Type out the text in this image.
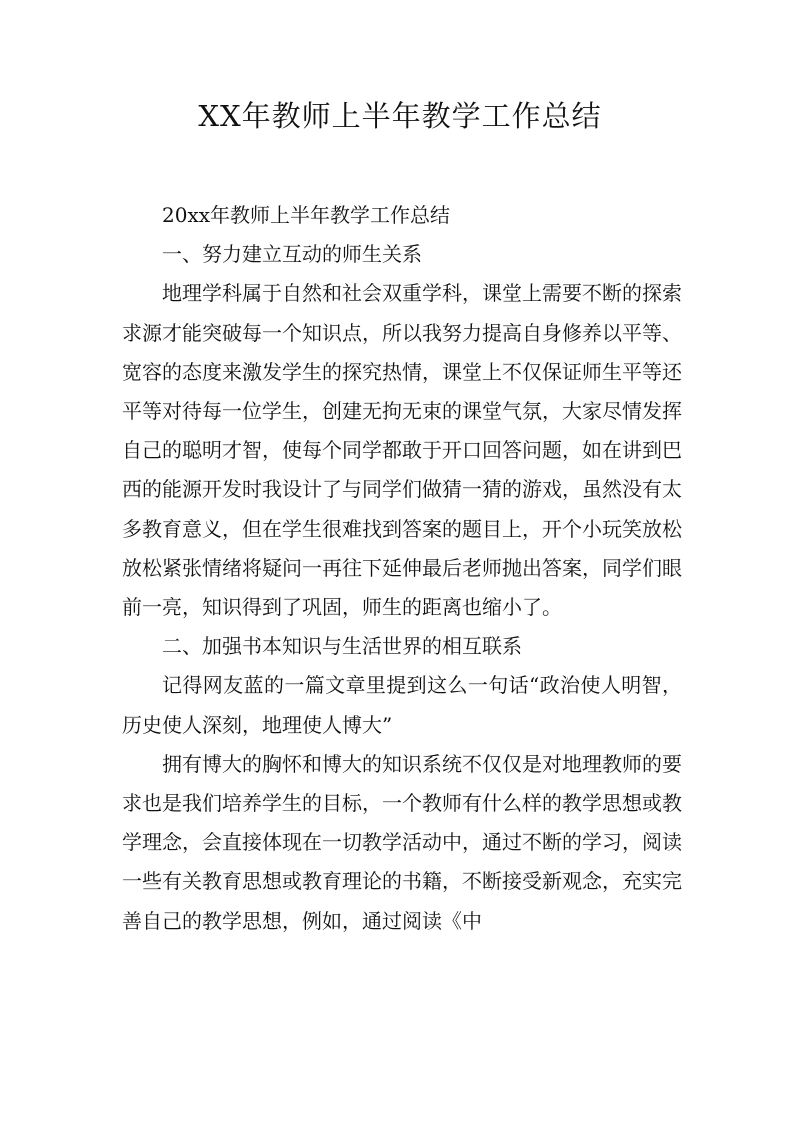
XX年教师上半年教学工作总结

20xx年教师上半年教学工作总结

一、努力建立互动的师生关系

地理学科属于自然和社会双重学科，课堂上需要不断的探索求源才能突破每一个知识点，所以我努力提高自身修养以平等、宽容的态度来激发学生的探究热情，课堂上不仅保证师生平等还平等对待每一位学生，创建无拘无束的课堂气氛，大家尽情发挥自己的聪明才智，使每个同学都敢于开口回答问题，如在讲到巴西的能源开发时我设计了与同学们做猜一猜的游戏，虽然没有太多教育意义，但在学生很难找到答案的题目上，开个小玩笑放松放松紧张情绪将疑问一再往下延伸最后老师抛出答案，同学们眼前一亮，知识得到了巩固，师生的距离也缩小了。

二、加强书本知识与生活世界的相互联系

记得网友蓝的一篇文章里提到这么一句话“政治使人明智，历史使人深刻，地理使人博大”

拥有博大的胸怀和博大的知识系统不仅仅是对地理教师的要求也是我们培养学生的目标，一个教师有什么样的教学思想或教学理念，会直接体现在一切教学活动中，通过不断的学习，阅读一些有关教育思想或教育理论的书籍，不断接受新观念，充实完善自己的教学思想，例如，通过阅读《中
